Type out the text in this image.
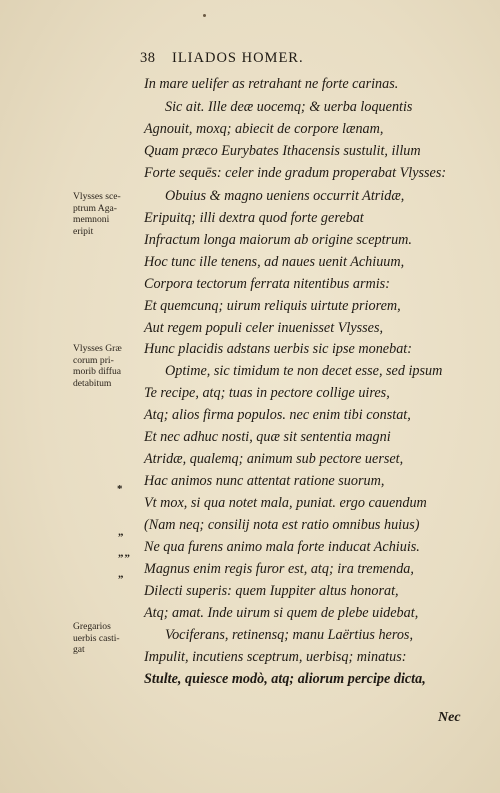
38 ILIADOS HOMER.
In mare uelifer as retrahant ne forte carinas.
Sic ait. Ille deæ uocemq; & uerba loquentis
Agnouit, moxq; abiecit de corpore lænam,
Quam præco Eurybates Ithacensis sustulit, illum
Forte sequēs: celer inde gradum properabat Vlysses:
Obuius & magno ueniens occurrit Atridæ,
Eripuitq; illi dextra quod forte gerebat
Infractum longa maiorum ab origine sceptrum.
Hoc tunc ille tenens, ad naues uenit Achiuum,
Corpora tectorum ferrata nitentibus armis:
Et quemcunq; uirum reliquis uirtute priorem,
Aut regem populi celer inuenisset Vlysses,
Hunc placidis adstans uerbis sic ipse monebat:
Optime, sic timidum te non decet esse, sed ipsum
Te recipe, atq; tuas in pectore collige uires,
Atq; alios firma populos. nec enim tibi constat,
Et nec adhuc nosti, quæ sit sententia magni
Atridæ, qualemq; animum sub pectore uerset,
Hac animos nunc attentat ratione suorum,
Vt mox, si qua notet mala, puniat. ergo cauendum
(Nam neq; consilij nota est ratio omnibus huius)
Ne qua furens animo mala forte inducat Achiuis.
Magnus enim regis furor est, atq; ira tremenda,
Dilecti superis: quem Iuppiter altus honorat,
Atq; amat. Inde uirum si quem de plebe uidebat,
Vociferans, retinensq; manu Laërtius heros,
Impulit, incutiens sceptrum, uerbisq; minatus:
Stulte, quiesce modò, atq; aliorum percipe dicta,
Vlysses sce-
ptrum Aga-
memnoni
eripit
Vlysses Græ
corum pri-
morib diffua
detabitum
Gregarios
uerbis casti-
gat
*
„
„„
„
Nec
